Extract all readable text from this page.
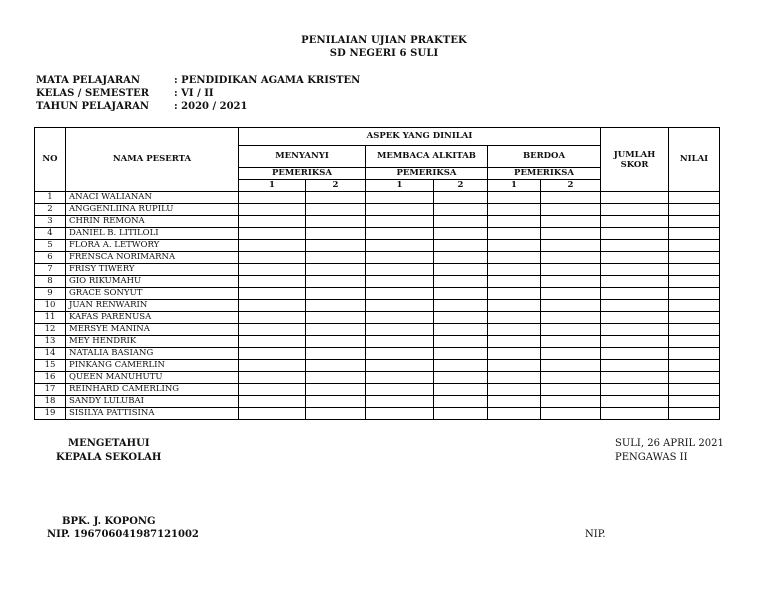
PENILAIAN UJIAN PRAKTEK
SD NEGERI 6 SULI
MATA PELAJARAN	: PENDIDIKAN AGAMA KRISTEN
KELAS / SEMESTER	: VI / II
TAHUN PELAJARAN	: 2020 / 2021
NO	NAMA PESERTA	ASPEK YANG DINILAI						JUMLAH SKOR	NILAI
		MENYANYI		MEMBACA ALKITAB		BERDOA			
		PEMERIKSA		PEMERIKSA		PEMERIKSA			
		1	2	1	2	1	2		
1	ANACI WALIANAN								
2	ANGGENLIINA RUPILU								
3	CHRIN REMONA								
4	DANIEL B. LITILOLI								
5	FLORA A. LETWORY								
6	FRENSCA NORIMARNA								
7	FRISY TIWERY								
8	GIO RIKUMAHU								
9	GRACE SONYUT								
10	JUAN RENWARIN								
11	KAFAS PARENUSA								
12	MERSYE MANINA								
13	MEY HENDRIK								
14	NATALIA BASIANG								
15	PINKANG CAMERLIN								
16	QUEEN MANUHUTU								
17	REINHARD CAMERLING								
18	SANDY LULUBAI								
19	SISILYA PATTISINA								
MENGETAHUI
KEPALA SEKOLAH
BPK. J. KOPONG
NIP. 196706041987121002
SULI, 26 APRIL 2021
PENGAWAS II
NIP.
